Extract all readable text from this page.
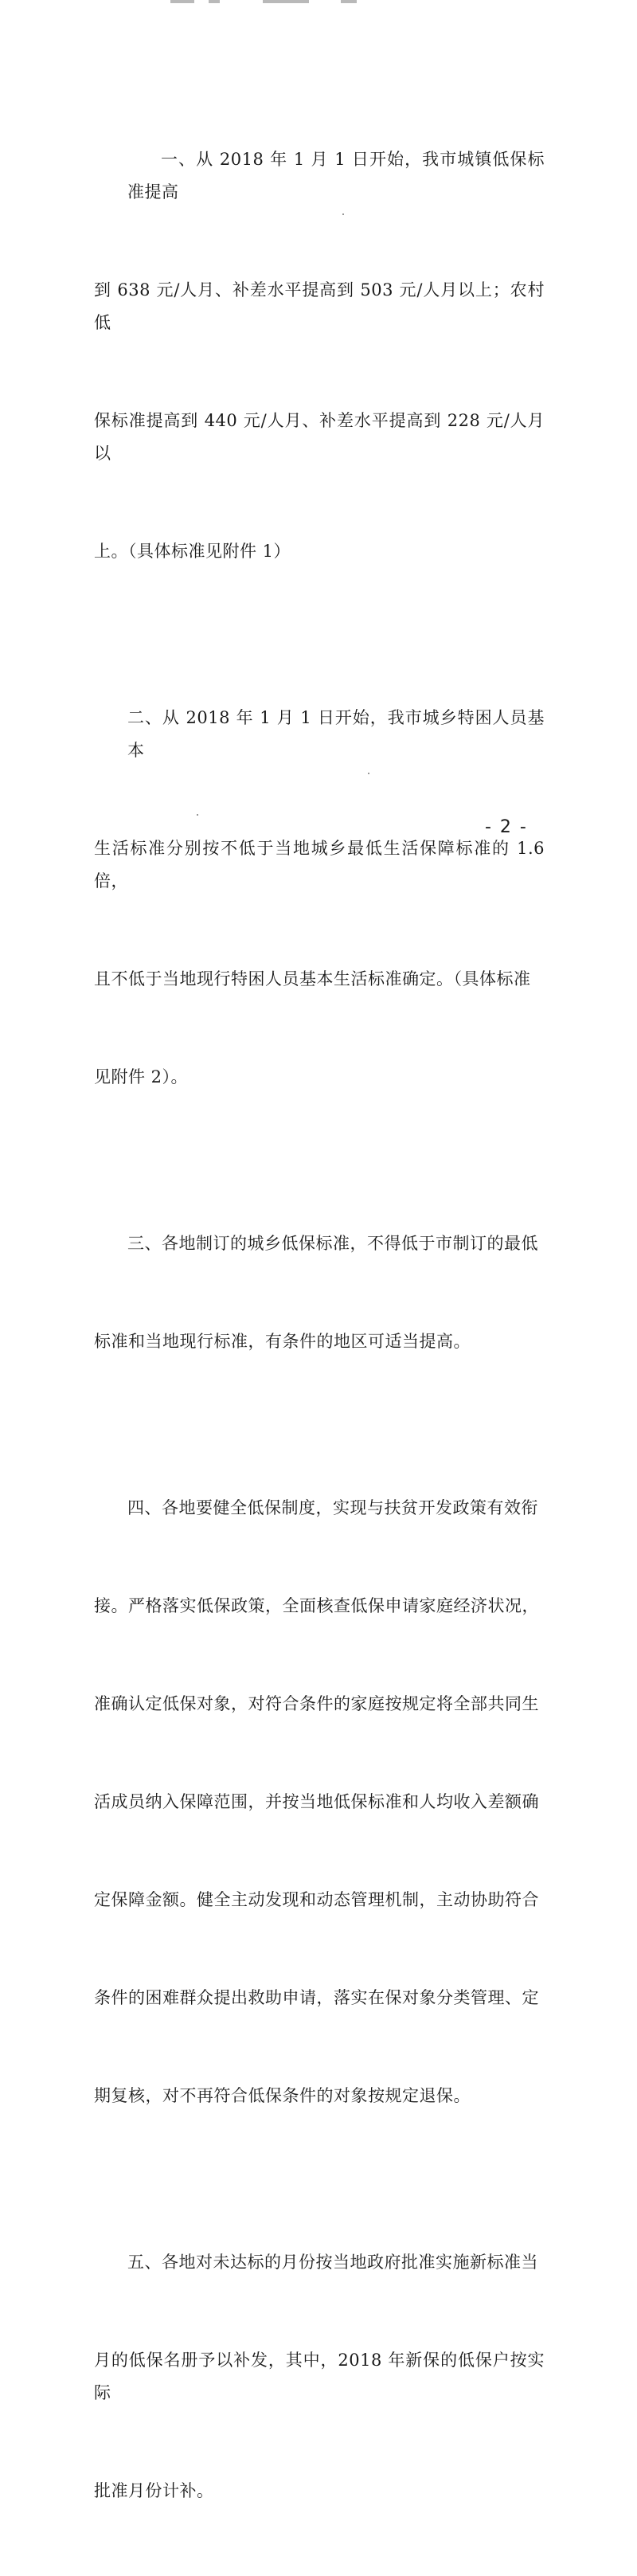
一、从 2018 年 1 月 1 日开始，我市城镇低保标准提高

到 638 元/人月、补差水平提高到 503 元/人月以上；农村低

保标准提高到 440 元/人月、补差水平提高到 228 元/人月以

上。（具体标准见附件 1）

二、从 2018 年 1 月 1 日开始，我市城乡特困人员基本

生活标准分别按不低于当地城乡最低生活保障标准的 1.6 倍，

且不低于当地现行特困人员基本生活标准确定。（具体标准

见附件 2）。

三、各地制订的城乡低保标准，不得低于市制订的最低

标准和当地现行标准，有条件的地区可适当提高。

四、各地要健全低保制度，实现与扶贫开发政策有效衔

接。严格落实低保政策，全面核查低保申请家庭经济状况，

准确认定低保对象，对符合条件的家庭按规定将全部共同生

活成员纳入保障范围，并按当地低保标准和人均收入差额确

定保障金额。健全主动发现和动态管理机制，主动协助符合

条件的困难群众提出救助申请，落实在保对象分类管理、定

期复核，对不再符合低保条件的对象按规定退保。

五、各地对未达标的月份按当地政府批准实施新标准当

月的低保名册予以补发，其中，2018 年新保的低保户按实际

批准月份计补。

- 2 -
